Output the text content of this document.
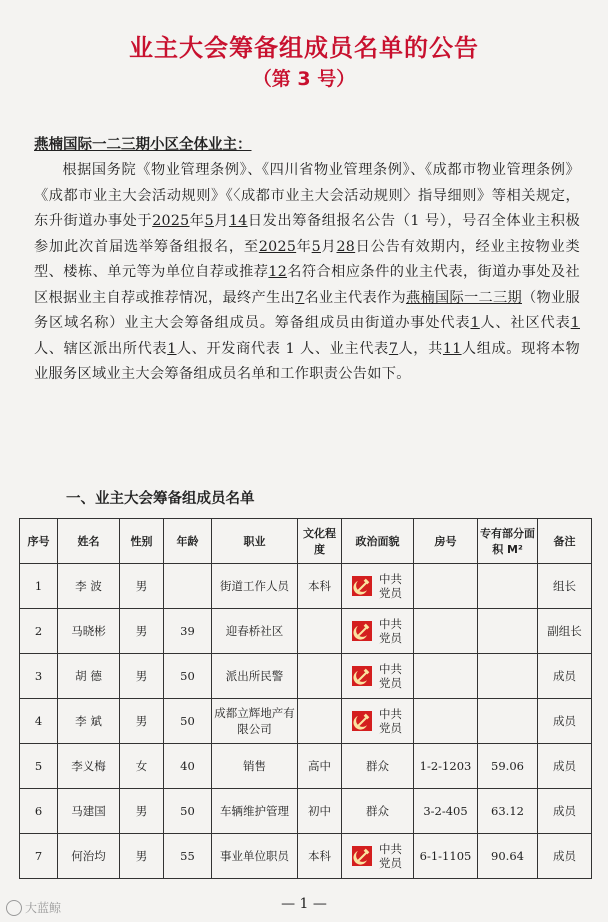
业主大会筹备组成员名单的公告
（第 3 号）
燕楠国际一二三期小区全体业主：
根据国务院《物业管理条例》、《四川省物业管理条例》、《成都市物业管理条例》《成都市业主大会活动规则》《〈成都市业主大会活动规则〉指导细则》等相关规定，东升街道办事处于2025年5月14日发出筹备组报名公告（1 号），号召全体业主积极参加此次首届选举筹备组报名，至2025年5月28日公告有效期内，经业主按物业类型、楼栋、单元等为单位自荐或推荐12名符合相应条件的业主代表，街道办事处及社区根据业主自荐或推荐情况，最终产生出7名业主代表作为燕楠国际一二三期（物业服务区域名称）业主大会筹备组成员。筹备组成员由街道办事处代表1人、社区代表1人、辖区派出所代表1人、开发商代表 1 人、业主代表7人，共11人组成。现将本物业服务区域业主大会筹备组成员名单和工作职责公告如下。
一、业主大会筹备组成员名单
序号	姓名	性别	年龄	职业	文化程度	政治面貌	房号	专有部分面积 M²	备注
1	李 波	男		街道工作人员	本科	中共党员			组长
2	马晓彬	男	39	迎春桥社区		中共党员			副组长
3	胡 德	男	50	派出所民警		中共党员			成员
4	李 斌	男	50	成都立辉地产有限公司		中共党员			成员
5	李义梅	女	40	销售	高中	群众	1-2-1203	59.06	成员
6	马建国	男	50	车辆维护管理	初中	群众	3-2-405	63.12	成员
7	何治均	男	55	事业单位职员	本科	中共党员	6-1-1105	90.64	成员
— 1 —
大蓝鲸
